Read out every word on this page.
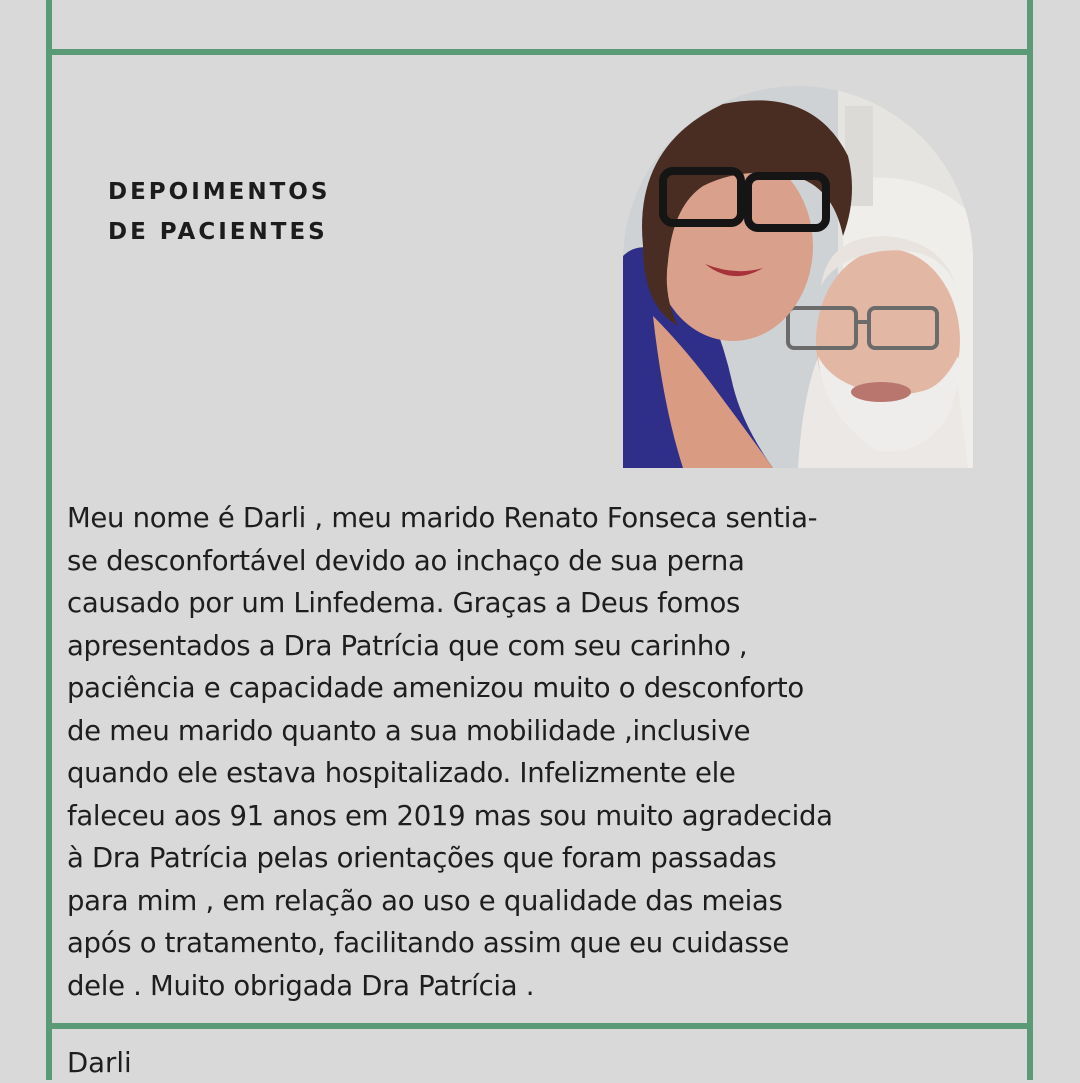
DEPOIMENTOS
DE PACIENTES
Meu nome é Darli , meu marido Renato Fonseca sentia-
se desconfortável devido ao inchaço de sua perna
causado por um Linfedema. Graças a Deus fomos
apresentados a Dra Patrícia que com seu carinho ,
paciência e capacidade amenizou muito o desconforto
de meu marido quanto a sua mobilidade ,inclusive
quando ele estava hospitalizado. Infelizmente ele
faleceu aos 91 anos em 2019 mas sou muito agradecida
à Dra Patrícia pelas orientações que foram passadas
para mim , em relação ao uso e qualidade das meias
após o tratamento, facilitando assim que eu cuidasse
dele . Muito obrigada Dra Patrícia .
Darli
